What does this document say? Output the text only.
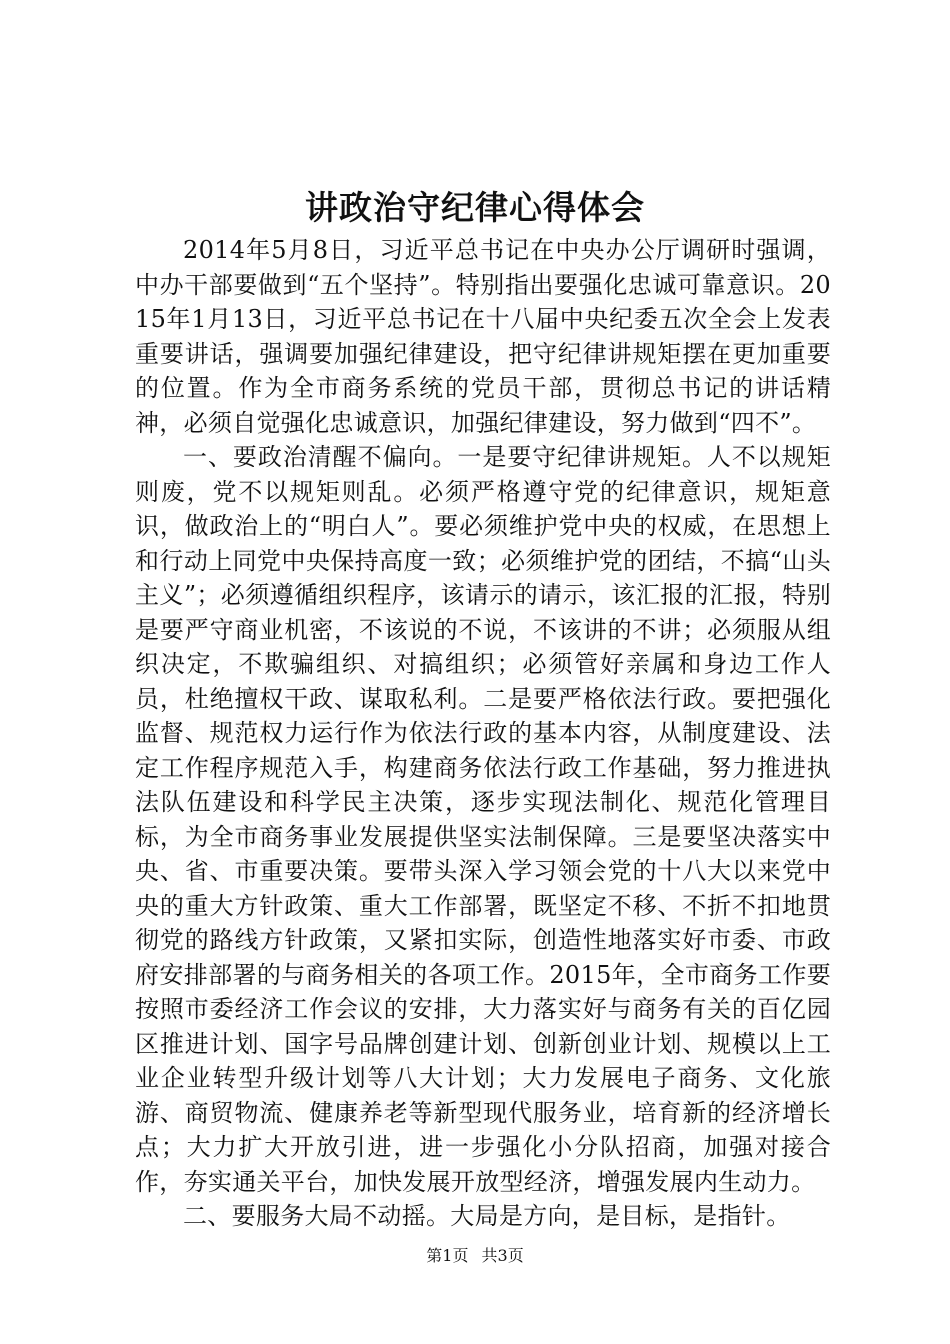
讲政治守纪律心得体会

2014年5月8日，习近平总书记在中央办公厅调研时强调，中办干部要做到“五个坚持”。特别指出要强化忠诚可靠意识。2015年1月13日，习近平总书记在十八届中央纪委五次全会上发表重要讲话，强调要加强纪律建设，把守纪律讲规矩摆在更加重要的位置。作为全市商务系统的党员干部，贯彻总书记的讲话精神，必须自觉强化忠诚意识，加强纪律建设，努力做到“四不”。

一、要政治清醒不偏向。一是要守纪律讲规矩。人不以规矩则废，党不以规矩则乱。必须严格遵守党的纪律意识，规矩意识，做政治上的“明白人”。要必须维护党中央的权威，在思想上和行动上同党中央保持高度一致；必须维护党的团结，不搞“山头主义”；必须遵循组织程序，该请示的请示，该汇报的汇报，特别是要严守商业机密，不该说的不说，不该讲的不讲；必须服从组织决定，不欺骗组织、对搞组织；必须管好亲属和身边工作人员，杜绝擅权干政、谋取私利。二是要严格依法行政。要把强化监督、规范权力运行作为依法行政的基本内容，从制度建设、法定工作程序规范入手，构建商务依法行政工作基础，努力推进执法队伍建设和科学民主决策，逐步实现法制化、规范化管理目标，为全市商务事业发展提供坚实法制保障。三是要坚决落实中央、省、市重要决策。要带头深入学习领会党的十八大以来党中央的重大方针政策、重大工作部署，既坚定不移、不折不扣地贯彻党的路线方针政策，又紧扣实际，创造性地落实好市委、市政府安排部署的与商务相关的各项工作。2015年，全市商务工作要按照市委经济工作会议的安排，大力落实好与商务有关的百亿园区推进计划、国字号品牌创建计划、创新创业计划、规模以上工业企业转型升级计划等八大计划；大力发展电子商务、文化旅游、商贸物流、健康养老等新型现代服务业，培育新的经济增长点；大力扩大开放引进，进一步强化小分队招商，加强对接合作，夯实通关平台，加快发展开放型经济，增强发展内生动力。

二、要服务大局不动摇。大局是方向，是目标，是指针。

第1页 共3页
